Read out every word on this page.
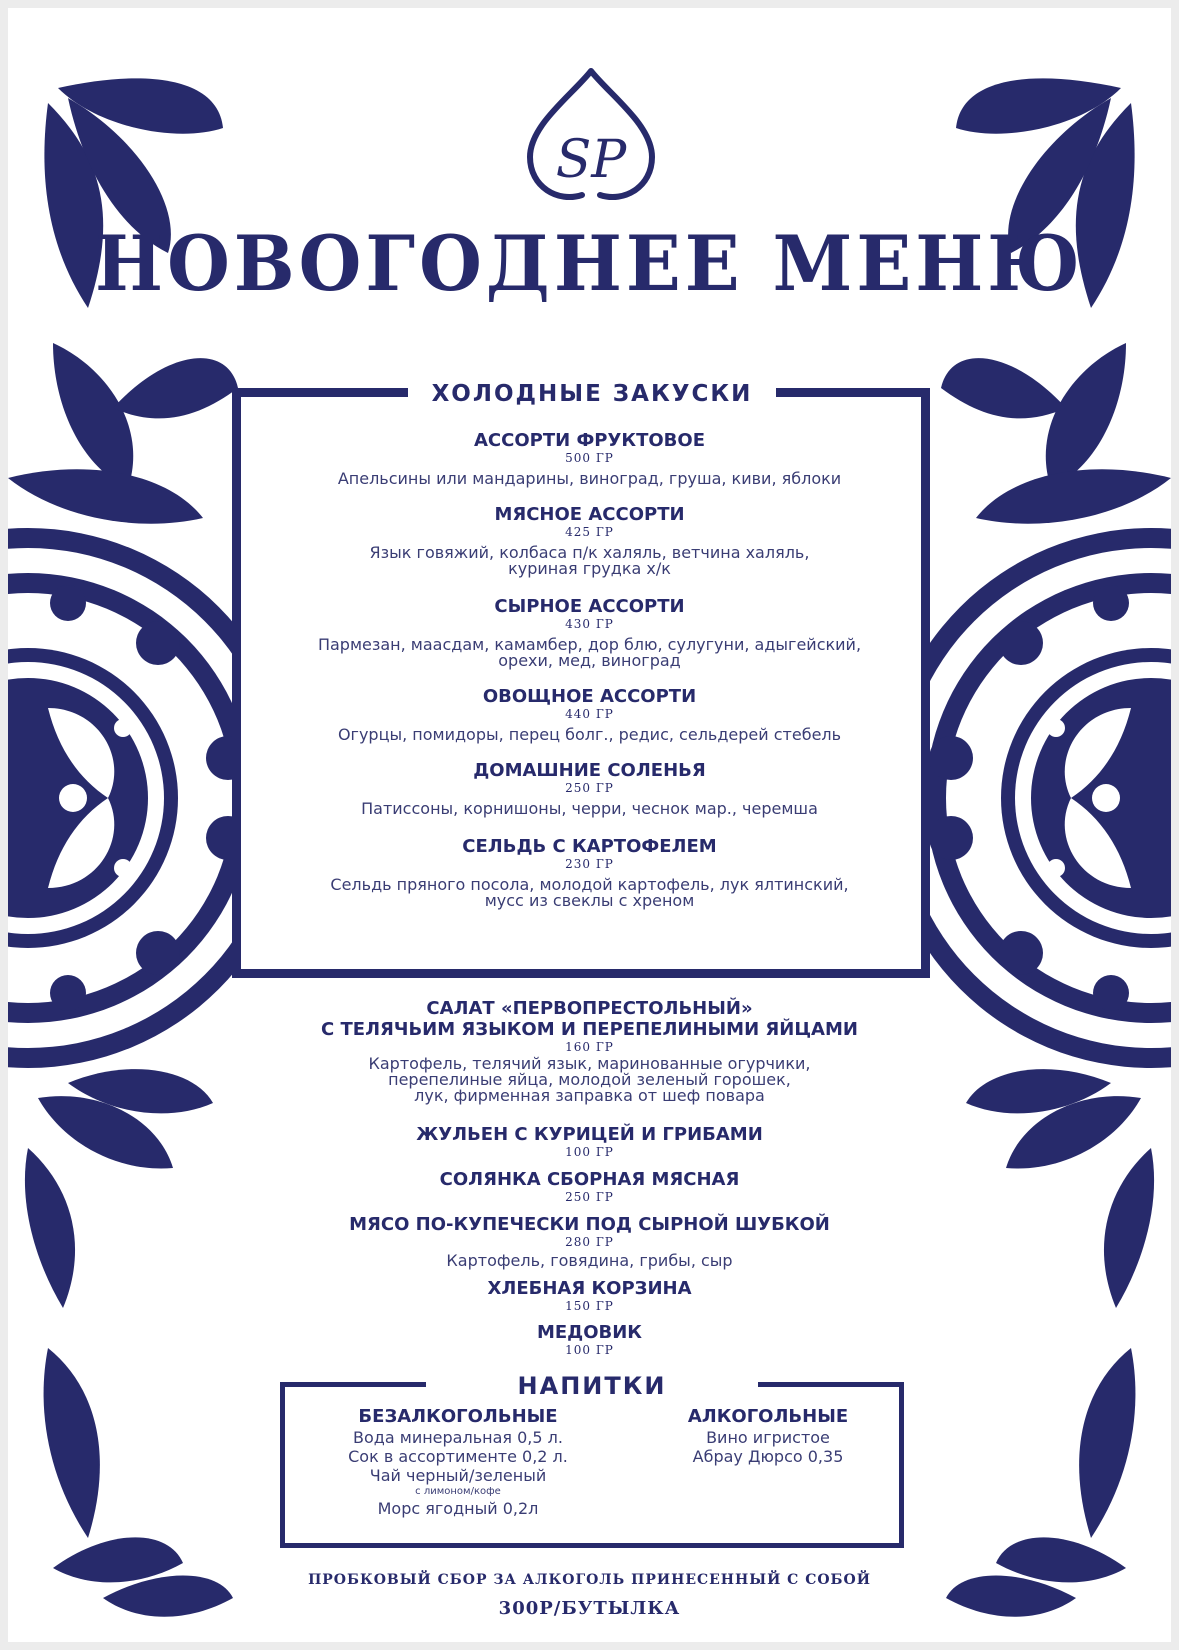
SP
НОВОГОДНЕЕ МЕНЮ
ХОЛОДНЫЕ ЗАКУСКИ
АССОРТИ ФРУКТОВОЕ
500 ГР
Апельсины или мандарины, виноград, груша, киви, яблоки
МЯСНОЕ АССОРТИ
425 ГР
Язык говяжий, колбаса п/к халяль, ветчина халяль,
куриная грудка х/к
СЫРНОЕ АССОРТИ
430 ГР
Пармезан, маасдам, камамбер, дор блю, сулугуни, адыгейский,
орехи, мед, виноград
ОВОЩНОЕ АССОРТИ
440 ГР
Огурцы, помидоры, перец болг., редис, сельдерей стебель
ДОМАШНИЕ СОЛЕНЬЯ
250 ГР
Патиссоны, корнишоны, черри, чеснок мар., черемша
СЕЛЬДЬ С КАРТОФЕЛЕМ
230 ГР
Сельдь пряного посола, молодой картофель, лук ялтинский,
мусс из свеклы с хреном
САЛАТ «ПЕРВОПРЕСТОЛЬНЫЙ»
С ТЕЛЯЧЬИМ ЯЗЫКОМ И ПЕРЕПЕЛИНЫМИ ЯЙЦАМИ
160 ГР
Картофель, телячий язык, маринованные огурчики,
перепелиные яйца, молодой зеленый горошек,
лук, фирменная заправка от шеф повара
ЖУЛЬЕН С КУРИЦЕЙ И ГРИБАМИ
100 ГР
СОЛЯНКА СБОРНАЯ МЯСНАЯ
250 ГР
МЯСО ПО-КУПЕЧЕСКИ ПОД СЫРНОЙ ШУБКОЙ
280 ГР
Картофель, говядина, грибы, сыр
ХЛЕБНАЯ КОРЗИНА
150 ГР
МЕДОВИК
100 ГР
НАПИТКИ
БЕЗАЛКОГОЛЬНЫЕ
Вода минеральная 0,5 л.
Сок в ассортименте 0,2 л.
Чай черный/зеленый
с лимоном/кофе
Морс ягодный 0,2л
АЛКОГОЛЬНЫЕ
Вино игристое
Абрау Дюрсо 0,35
ПРОБКОВЫЙ СБОР ЗА АЛКОГОЛЬ ПРИНЕСЕННЫЙ С СОБОЙ
300Р/БУТЫЛКА
